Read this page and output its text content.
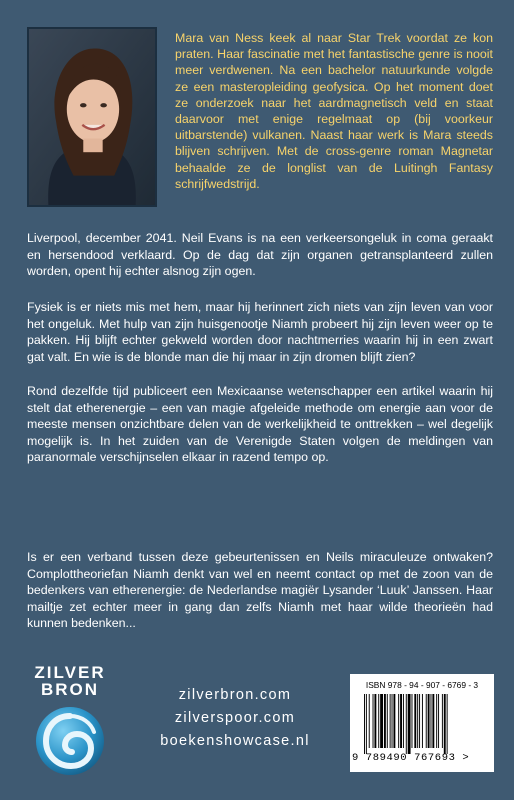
Mara van Ness keek al naar Star Trek voordat ze kon praten. Haar fascinatie met het fantastische genre is nooit meer verdwenen. Na een bachelor natuurkunde volgde ze een masteropleiding geofysica. Op het moment doet ze onderzoek naar het aardmagnetisch veld en staat daarvoor met enige regelmaat op (bij voorkeur uitbarstende) vulkanen. Naast haar werk is Mara steeds blijven schrijven. Met de cross-genre roman Magnetar behaalde ze de longlist van de Luitingh Fantasy schrijfwedstrijd.

Liverpool, december 2041. Neil Evans is na een verkeersongeluk in coma geraakt en hersendood verklaard. Op de dag dat zijn organen getransplanteerd zullen worden, opent hij echter alsnog zijn ogen.

Fysiek is er niets mis met hem, maar hij herinnert zich niets van zijn leven van voor het ongeluk. Met hulp van zijn huisgenootje Niamh probeert hij zijn leven weer op te pakken. Hij blijft echter gekweld worden door nachtmerries waarin hij in een zwart gat valt. En wie is de blonde man die hij maar in zijn dromen blijft zien?

Rond dezelfde tijd publiceert een Mexicaanse wetenschapper een artikel waarin hij stelt dat etherenergie – een van magie afgeleide methode om energie aan voor de meeste mensen onzichtbare delen van de werkelijkheid te onttrekken – wel degelijk mogelijk is. In het zuiden van de Verenigde Staten volgen de meldingen van paranormale verschijnselen elkaar in razend tempo op.

Is er een verband tussen deze gebeurtenissen en Neils miraculeuze ontwaken? Complottheoriefan Niamh denkt van wel en neemt contact op met de zoon van de bedenkers van etherenergie: de Nederlandse magiër Lysander ‘Luuk’ Janssen. Haar mailtje zet echter meer in gang dan zelfs Niamh met haar wilde theorieën had kunnen bedenken...

ZILVER
BRON	zilverbron.com
zilverspoor.com
boekenshowcase.nl
ISBN 978 - 94 - 907 - 6769 - 3
9 789490 767693 >
